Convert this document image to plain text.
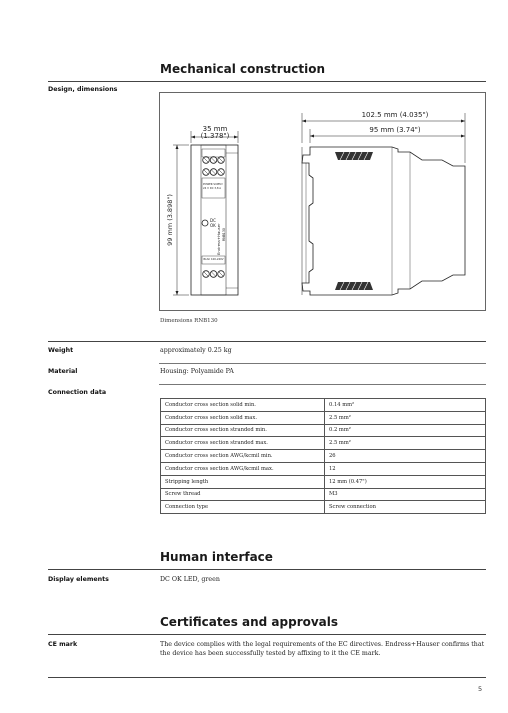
Mechanical construction
Design, dimensions
POWER SUPPLY
24 V DC 3,8 A
IN:AC 100-240V
DC
OK Endress+Hauser RNB130
35 mm
(1.378")
99 mm (3.898")
102.5 mm (4.035")
95 mm (3.74")
Dimensions RNB130
Weight	approximately 0.25 kg
Material	Housing: Polyamide PA
Connection data
Conductor cross section solid min.	0.14 mm²
Conductor cross section solid max.	2.5 mm²
Conductor cross section stranded min.	0.2 mm²
Conductor cross section stranded max.	2.5 mm²
Conductor cross section AWG/kcmil min.	26
Conductor cross section AWG/kcmil max.	12
Stripping length	12 mm (0.47")
Screw thread	M3
Connection type	Screw connection
Human interface
Display elements	DC OK LED, green
Certificates and approvals
CE mark	The device complies with the legal requirements of the EC directives. Endress+Hauser confirms that the device has been successfully tested by affixing to it the CE mark.
5
